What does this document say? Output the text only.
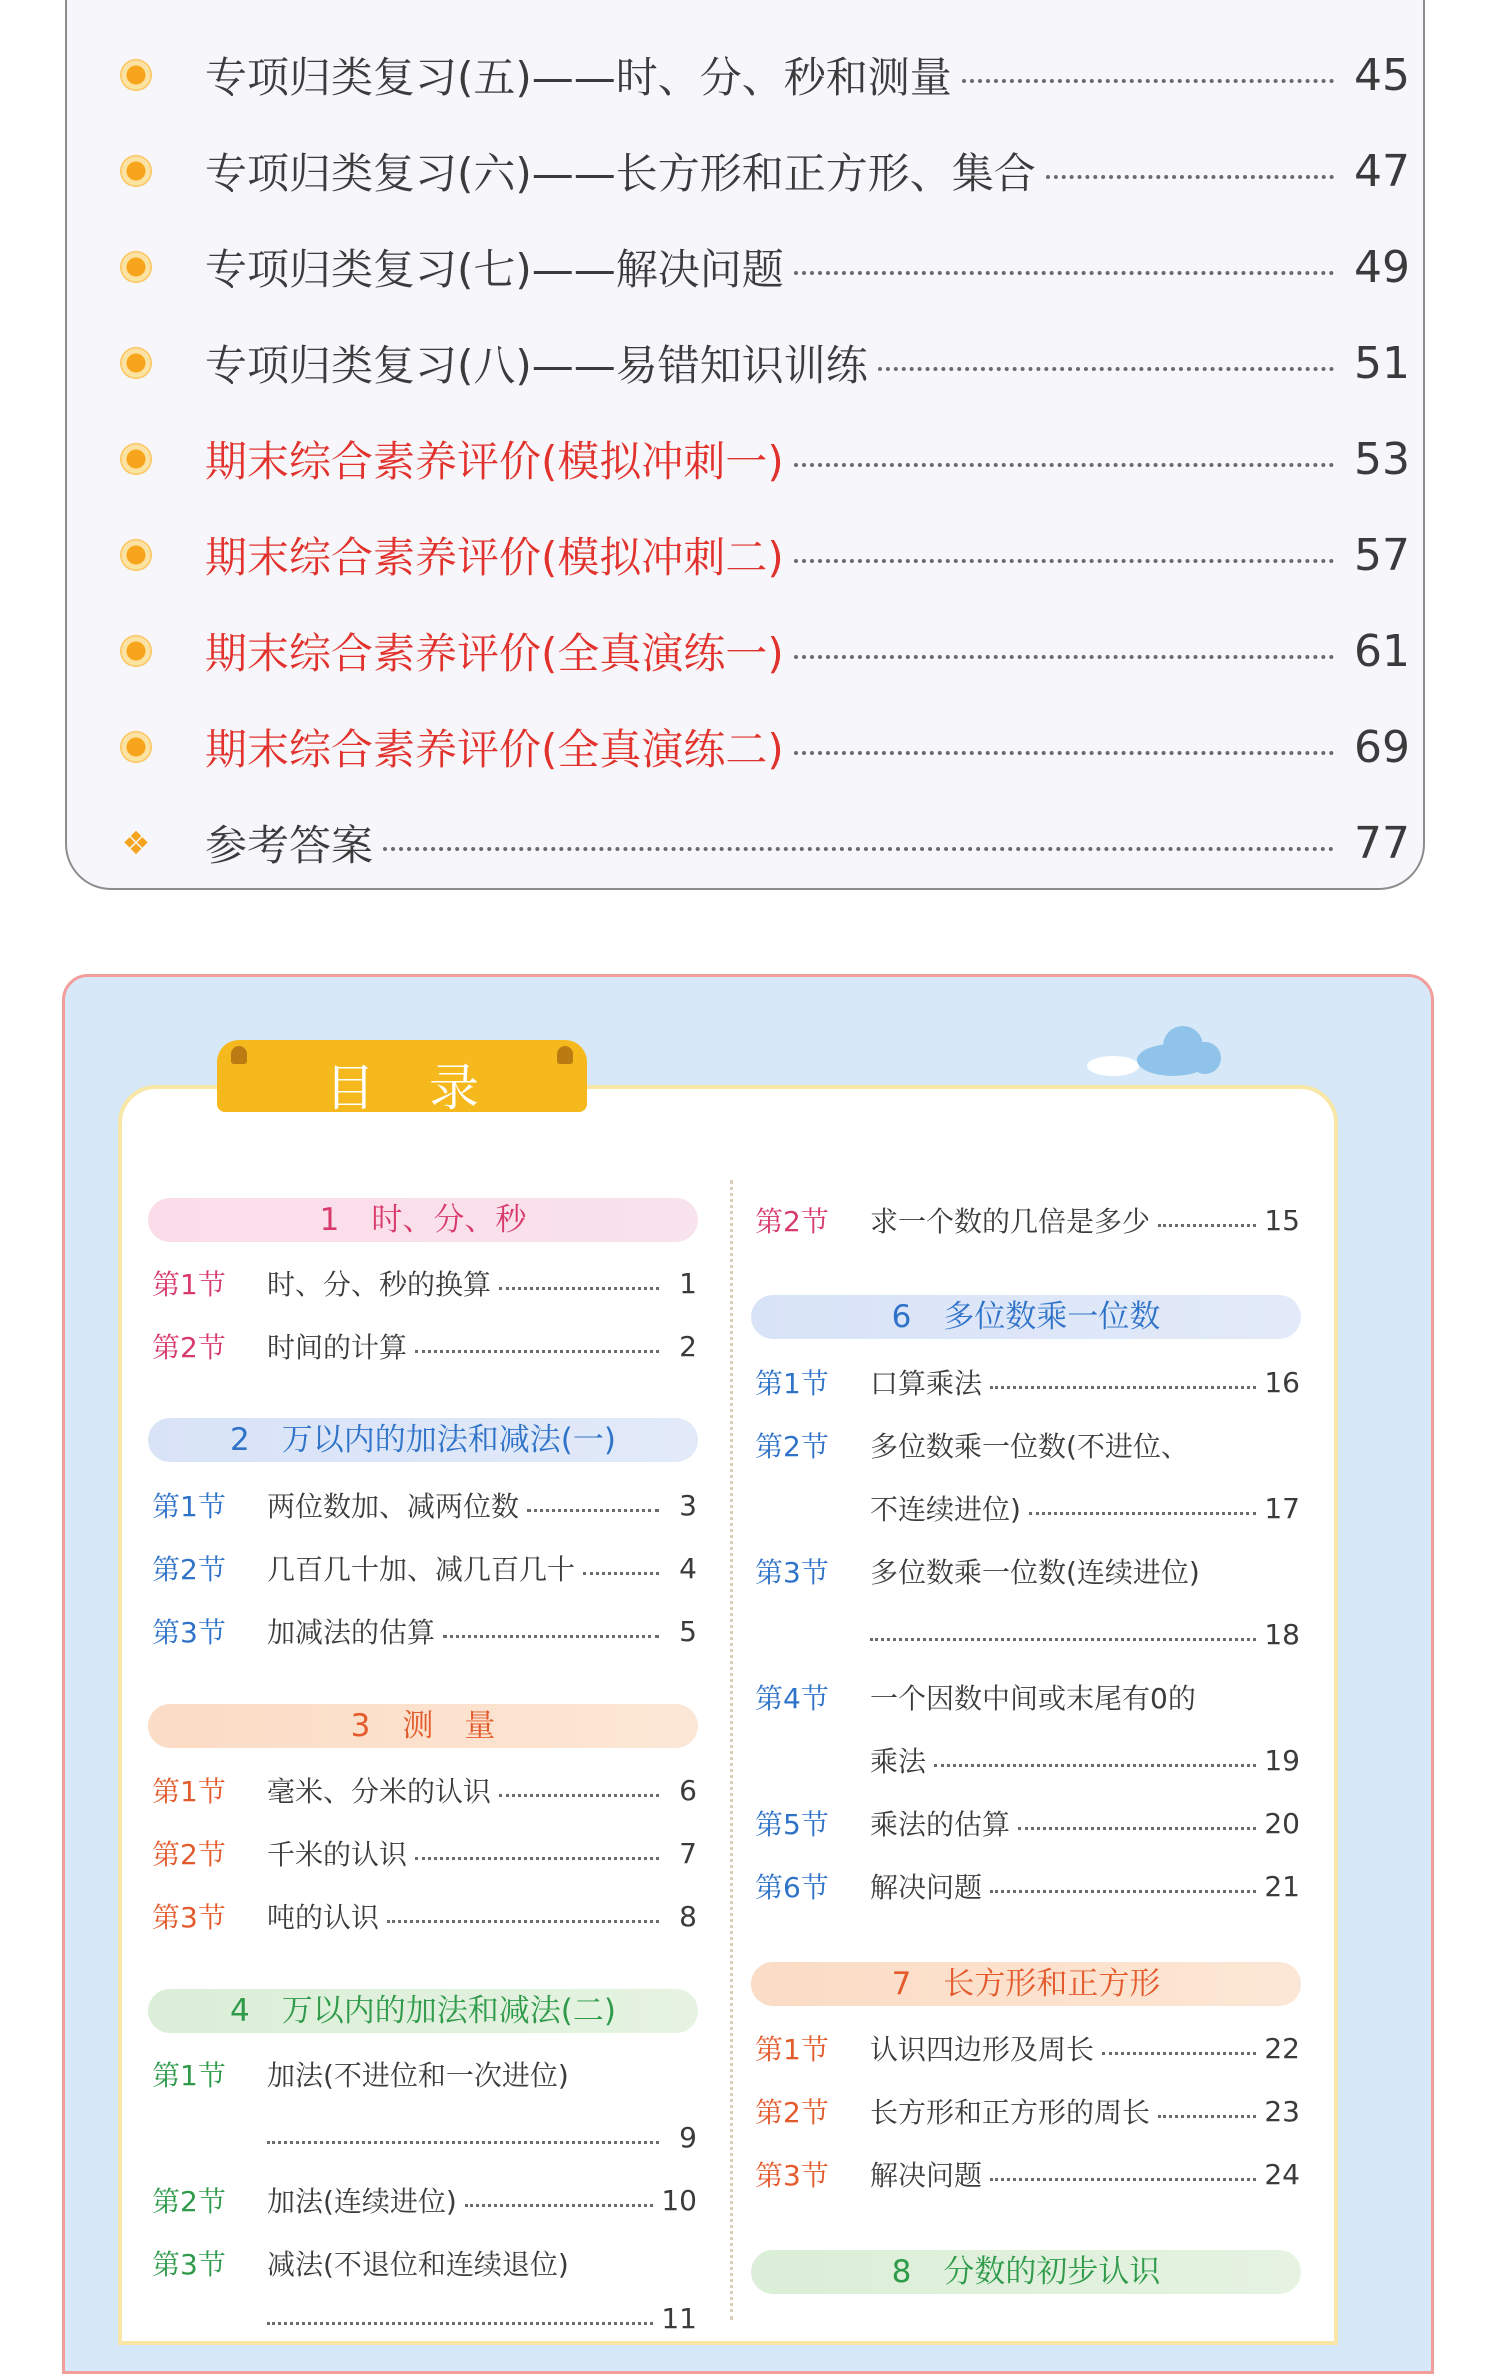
专项归类复习(五)——时、分、秒和测量	45
专项归类复习(六)——长方形和正方形、集合	47
专项归类复习(七)——解决问题	49
专项归类复习(八)——易错知识训练	51
期末综合素养评价(模拟冲刺一)	53
期末综合素养评价(模拟冲刺二)	57
期末综合素养评价(全真演练一)	61
期末综合素养评价(全真演练二)	69
❖ 参考答案	77
目录
1 时、分、秒
第1节	时、分、秒的换算	1
第2节	时间的计算	2
2 万以内的加法和减法(一)
第1节	两位数加、减两位数	3
第2节	几百几十加、减几百几十	4
第3节	加减法的估算	5
3 测　量
第1节	毫米、分米的认识	6
第2节	千米的认识	7
第3节	吨的认识	8
4 万以内的加法和减法(二)
第1节	加法(不进位和一次进位)
9
第2节	加法(连续进位)	10
第3节	减法(不退位和连续退位)
11
第2节	求一个数的几倍是多少	15
6 多位数乘一位数
第1节	口算乘法	16
第2节	多位数乘一位数(不进位、
不连续进位)	17
第3节	多位数乘一位数(连续进位)
18
第4节	一个因数中间或末尾有0的
乘法	19
第5节	乘法的估算	20
第6节	解决问题	21
7 长方形和正方形
第1节	认识四边形及周长	22
第2节	长方形和正方形的周长	23
第3节	解决问题	24
8 分数的初步认识
